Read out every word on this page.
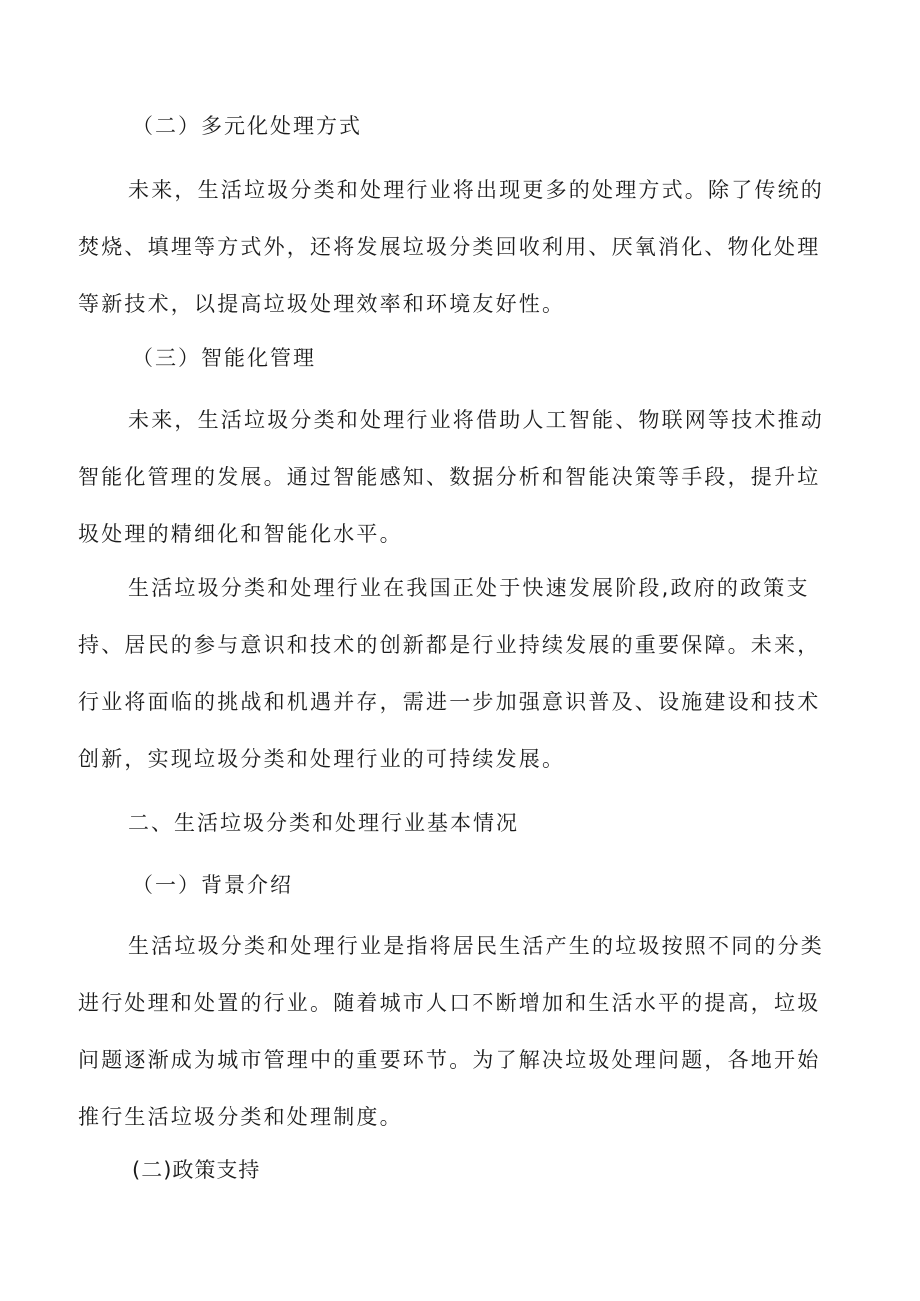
（二）多元化处理方式

未来，生活垃圾分类和处理行业将出现更多的处理方式。除了传统的焚烧、填埋等方式外，还将发展垃圾分类回收利用、厌氧消化、物化处理等新技术，以提高垃圾处理效率和环境友好性。

（三）智能化管理

未来，生活垃圾分类和处理行业将借助人工智能、物联网等技术推动智能化管理的发展。通过智能感知、数据分析和智能决策等手段，提升垃圾处理的精细化和智能化水平。

生活垃圾分类和处理行业在我国正处于快速发展阶段,政府的政策支持、居民的参与意识和技术的创新都是行业持续发展的重要保障。未来，行业将面临的挑战和机遇并存，需进一步加强意识普及、设施建设和技术创新，实现垃圾分类和处理行业的可持续发展。

二、生活垃圾分类和处理行业基本情况

（一）背景介绍

生活垃圾分类和处理行业是指将居民生活产生的垃圾按照不同的分类进行处理和处置的行业。随着城市人口不断增加和生活水平的提高，垃圾问题逐渐成为城市管理中的重要环节。为了解决垃圾处理问题，各地开始推行生活垃圾分类和处理制度。

(二)政策支持
